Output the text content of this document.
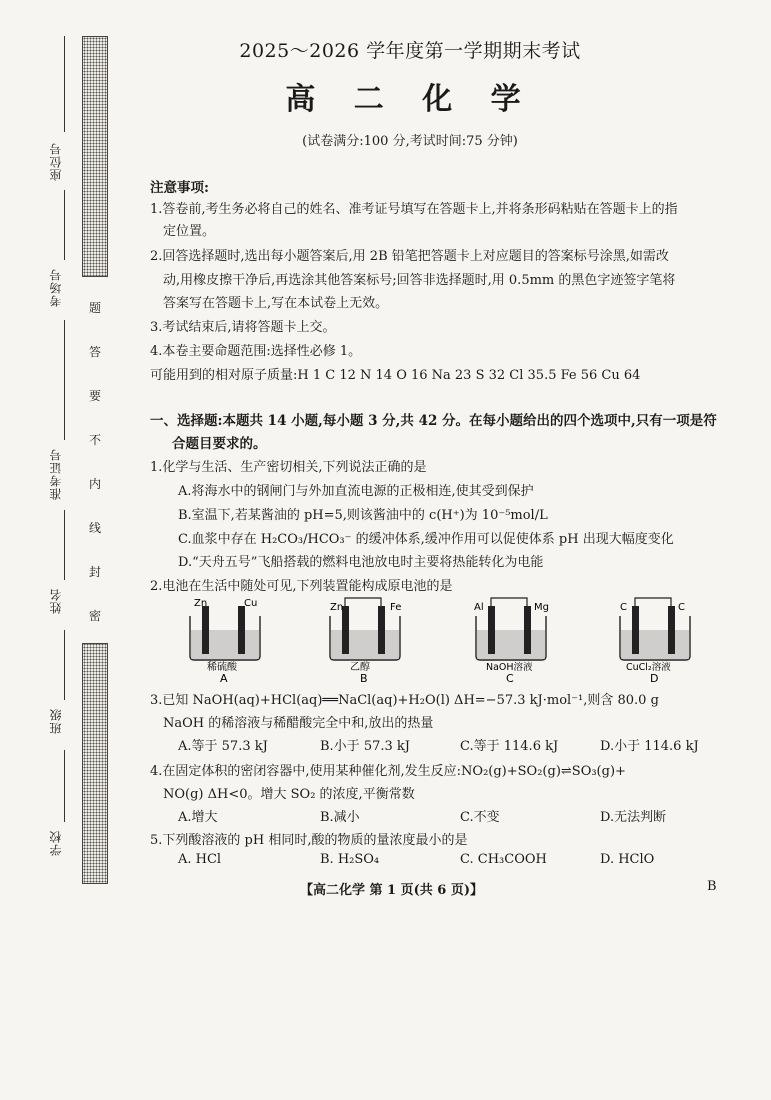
座位号
考场号
准考证号
姓名
班级
学校
题
答
要
不
内
线
封
密
2025～2026 学年度第一学期期末考试
高 二 化 学
(试卷满分:100 分,考试时间:75 分钟)
注意事项:
1.答卷前,考生务必将自己的姓名、准考证号填写在答题卡上,并将条形码粘贴在答题卡上的指
定位置。
2.回答选择题时,选出每小题答案后,用 2B 铅笔把答题卡上对应题目的答案标号涂黑,如需改
动,用橡皮擦干净后,再选涂其他答案标号;回答非选择题时,用 0.5mm 的黑色字迹签字笔将
答案写在答题卡上,写在本试卷上无效。
3.考试结束后,请将答题卡上交。
4.本卷主要命题范围:选择性必修 1。
可能用到的相对原子质量:H 1 C 12 N 14 O 16 Na 23 S 32 Cl 35.5 Fe 56 Cu 64
一、选择题:本题共 14 小题,每小题 3 分,共 42 分。在每小题给出的四个选项中,只有一项是符
合题目要求的。
1.化学与生活、生产密切相关,下列说法正确的是
A.将海水中的钢闸门与外加直流电源的正极相连,使其受到保护
B.室温下,若某酱油的 pH=5,则该酱油中的 c(H⁺)为 10⁻⁵mol/L
C.血浆中存在 H₂CO₃/HCO₃⁻ 的缓冲体系,缓冲作用可以促使体系 pH 出现大幅度变化
D.“天舟五号”飞船搭载的燃料电池放电时主要将热能转化为电能
2.电池在生活中随处可见,下列装置能构成原电池的是
Zn	Cu
稀硫酸
A
Zn	Fe
乙醇
B
Al	Mg
NaOH溶液
C
C	C
CuCl₂溶液
D
3.已知 NaOH(aq)+HCl(aq)══NaCl(aq)+H₂O(l) ΔH=−57.3 kJ·mol⁻¹,则含 80.0 g
NaOH 的稀溶液与稀醋酸完全中和,放出的热量
A.等于 57.3 kJ	B.小于 57.3 kJ	C.等于 114.6 kJ	D.小于 114.6 kJ
4.在固定体积的密闭容器中,使用某种催化剂,发生反应:NO₂(g)+SO₂(g)⇌SO₃(g)+
NO(g) ΔH<0。增大 SO₂ 的浓度,平衡常数
A.增大	B.减小	C.不变	D.无法判断
5.下列酸溶液的 pH 相同时,酸的物质的量浓度最小的是
A. HCl	B. H₂SO₄	C. CH₃COOH	D. HClO
【高二化学 第 1 页(共 6 页)】	B
